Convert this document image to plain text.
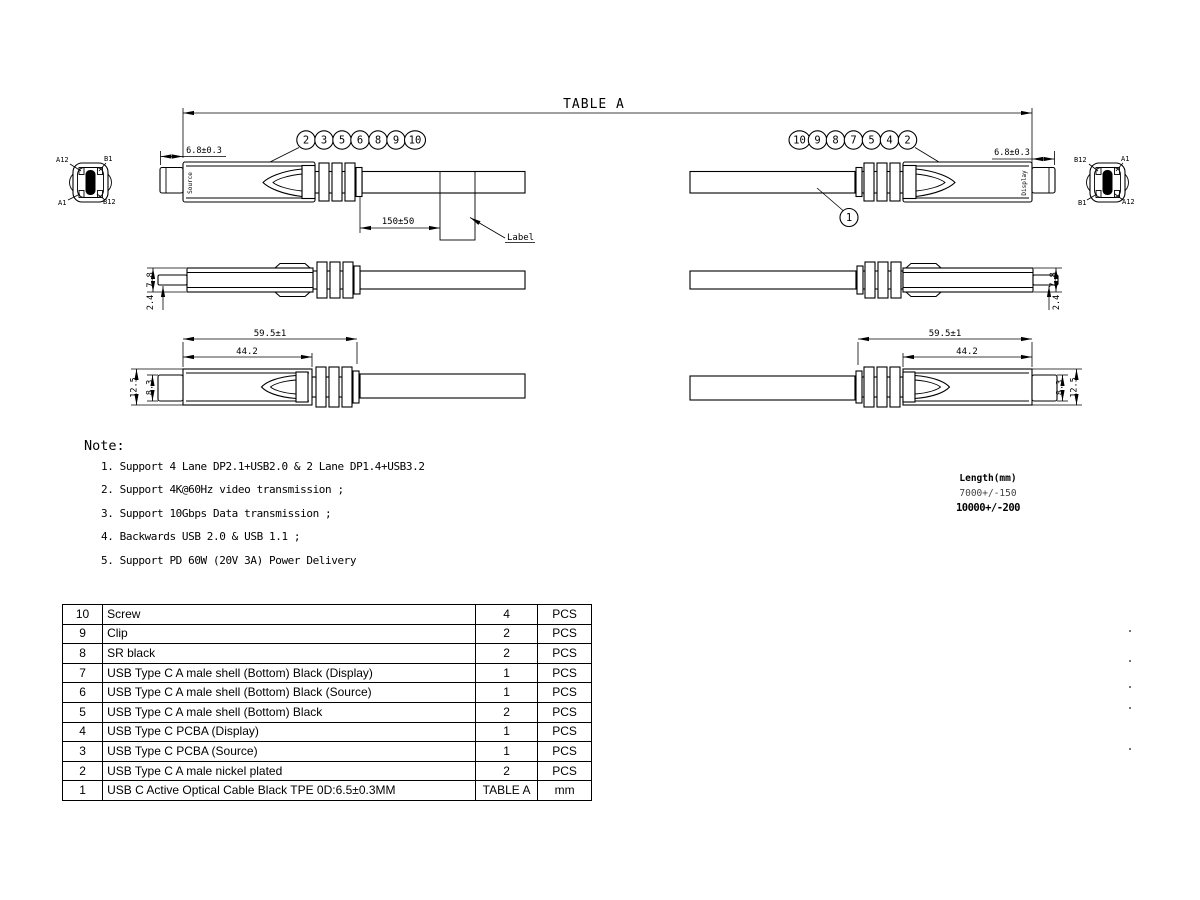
TABLE A
A12	B1
A1	B12
B12	A1
B1	A12
Source
Label
150±50
6.8±0.3
2 3 5 6 8 9 10
Display
6.8±0.3
1
10 9 8 7 5 4 2
7.8
2.4
7.8
2.4
59.5±1
44.2
12.5 8.3
59.5±1
44.2
8.3 12.5
Note:
1. Support 4 Lane DP2.1+USB2.0 & 2 Lane DP1.4+USB3.2
2. Support 4K@60Hz video transmission ;
3. Support 10Gbps Data transmission ;
4. Backwards USB 2.0 & USB 1.1 ;
5. Support PD 60W (20V 3A) Power Delivery
Length(mm)
7000+/-150
10000+/-200
10	Screw	4	PCS
9	Clip	2	PCS
8	SR black	2	PCS
7	USB Type C A male shell (Bottom) Black (Display)	1	PCS
6	USB Type C A male shell (Bottom) Black (Source)	1	PCS
5	USB Type C A male shell (Bottom) Black	2	PCS
4	USB Type C PCBA (Display)	1	PCS
3	USB Type C PCBA (Source)	1	PCS
2	USB Type C A male nickel plated	2	PCS
1	USB C Active Optical Cable Black TPE 0D:6.5±0.3MM	TABLE A	mm
